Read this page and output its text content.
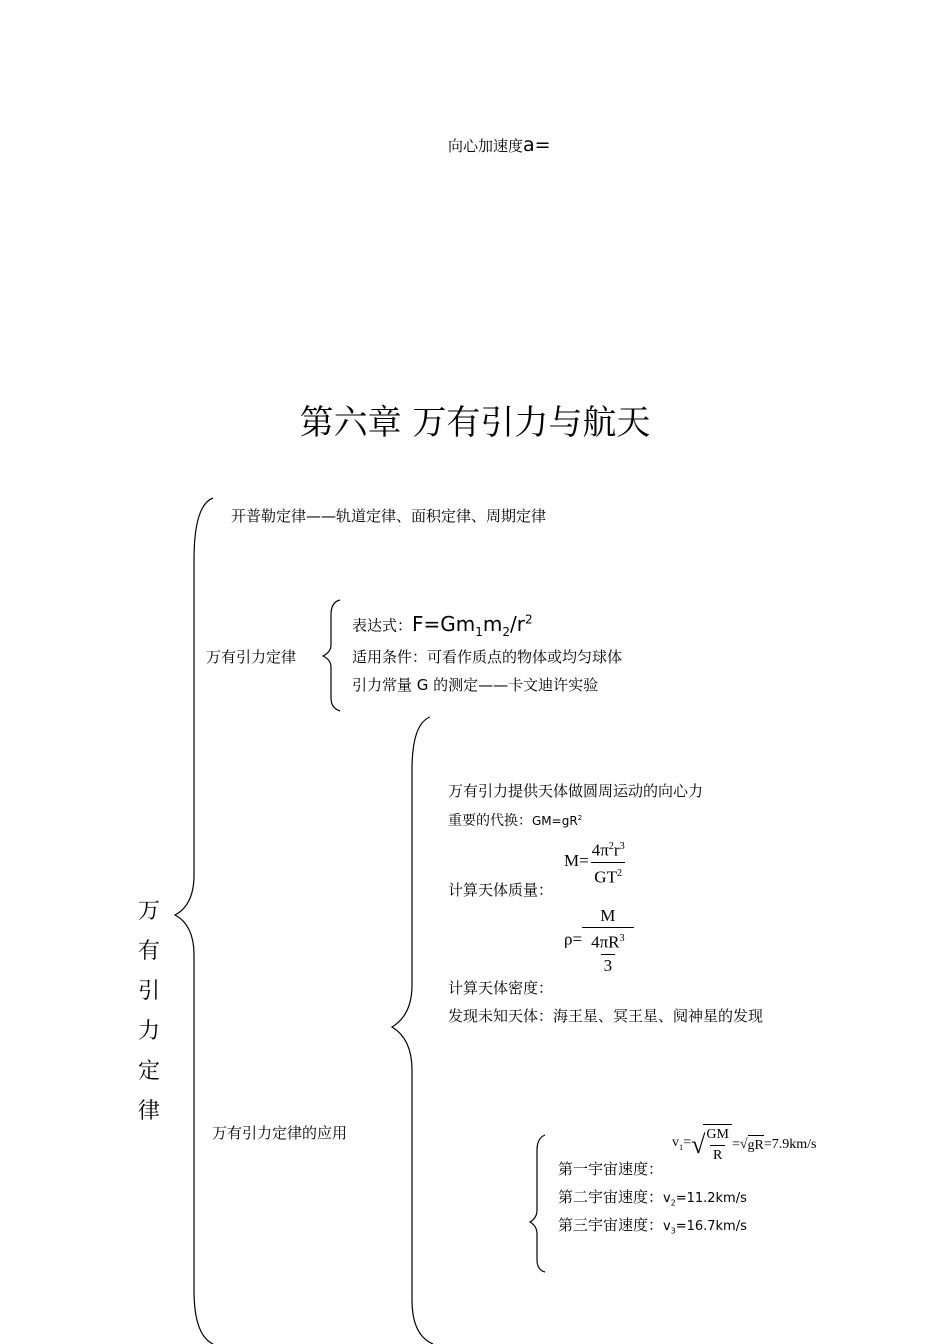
向心加速度a=
第六章 万有引力与航天
万
有
引
力
定
律
开普勒定律——轨道定律、面积定律、周期定律
万有引力定律
表达式：$F=Gm_1m_2/r^2$
适用条件：可看作质点的物体或均匀球体
引力常量 G 的测定——卡文迪许实验
万有引力定律的应用
万有引力提供天体做圆周运动的向心力
重要的代换：$GM=gR^2$
$M= \frac{4\pi^2r^3}{GT^2}$
计算天体质量：
$\rho= \frac{M}{\frac{4\pi R^3}{3}}$
计算天体密度：
发现未知天体：海王星、冥王星、阋神星的发现
$v_1=$ √
$\frac{GM}{R}$ = √ gR =7.9km/s
第一宇宙速度：
第二宇宙速度：$v_2=11.2km/s$
第三宇宙速度：$v_3=16.7km/s$
